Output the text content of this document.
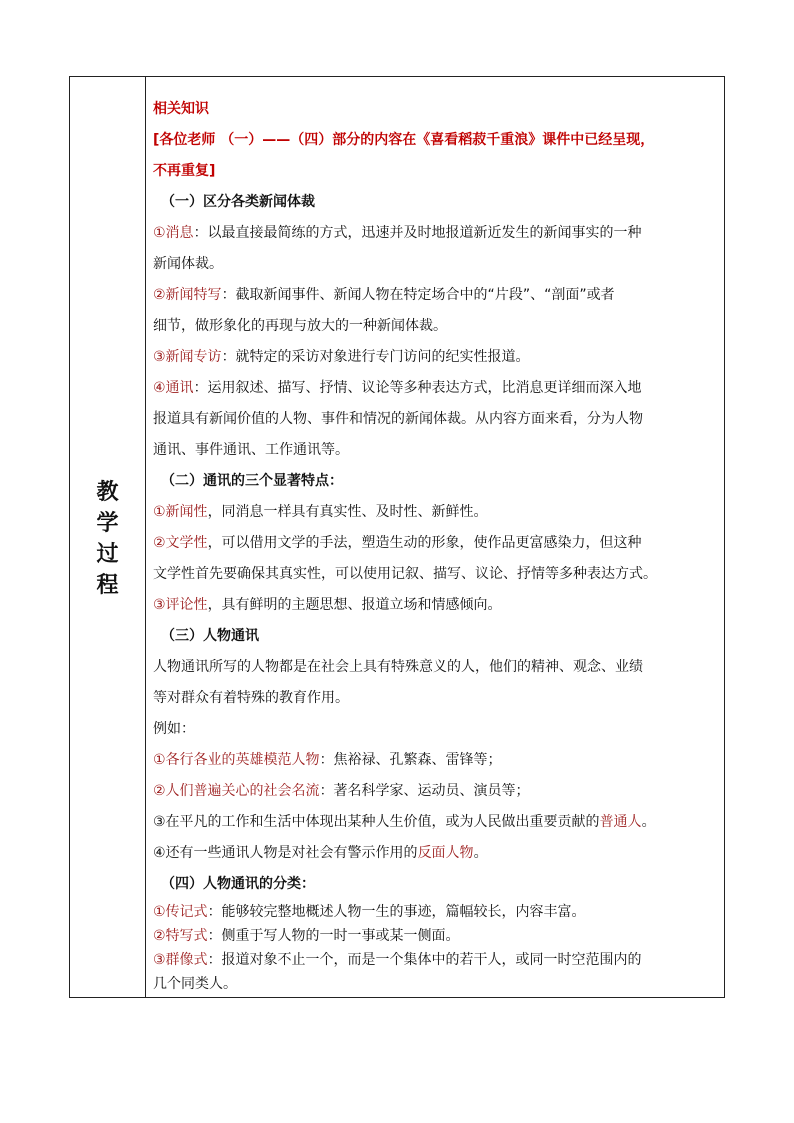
教
学
过
程

相关知识

[各位老师 （一）——（四）部分的内容在《喜看稻菽千重浪》课件中已经呈现，
不再重复]

（一）区分各类新闻体裁

①消息：以最直接最简练的方式，迅速并及时地报道新近发生的新闻事实的一种
新闻体裁。

②新闻特写：截取新闻事件、新闻人物在特定场合中的“片段”、“剖面”或者
细节，做形象化的再现与放大的一种新闻体裁。

③新闻专访：就特定的采访对象进行专门访问的纪实性报道。

④通讯：运用叙述、描写、抒情、议论等多种表达方式，比消息更详细而深入地
报道具有新闻价值的人物、事件和情况的新闻体裁。从内容方面来看，分为人物
通讯、事件通讯、工作通讯等。

（二）通讯的三个显著特点：

①新闻性，同消息一样具有真实性、及时性、新鲜性。

②文学性，可以借用文学的手法，塑造生动的形象，使作品更富感染力，但这种
文学性首先要确保其真实性，可以使用记叙、描写、议论、抒情等多种表达方式。

③评论性，具有鲜明的主题思想、报道立场和情感倾向。

（三）人物通讯

人物通讯所写的人物都是在社会上具有特殊意义的人，他们的精神、观念、业绩
等对群众有着特殊的教育作用。

例如：

①各行各业的英雄模范人物：焦裕禄、孔繁森、雷锋等；

②人们普遍关心的社会名流：著名科学家、运动员、演员等；

③在平凡的工作和生活中体现出某种人生价值，或为人民做出重要贡献的普通人。

④还有一些通讯人物是对社会有警示作用的反面人物。

（四）人物通讯的分类：

①传记式：能够较完整地概述人物一生的事迹，篇幅较长，内容丰富。

②特写式：侧重于写人物的一时一事或某一侧面。

③群像式：报道对象不止一个，而是一个集体中的若干人，或同一时空范围内的
几个同类人。
